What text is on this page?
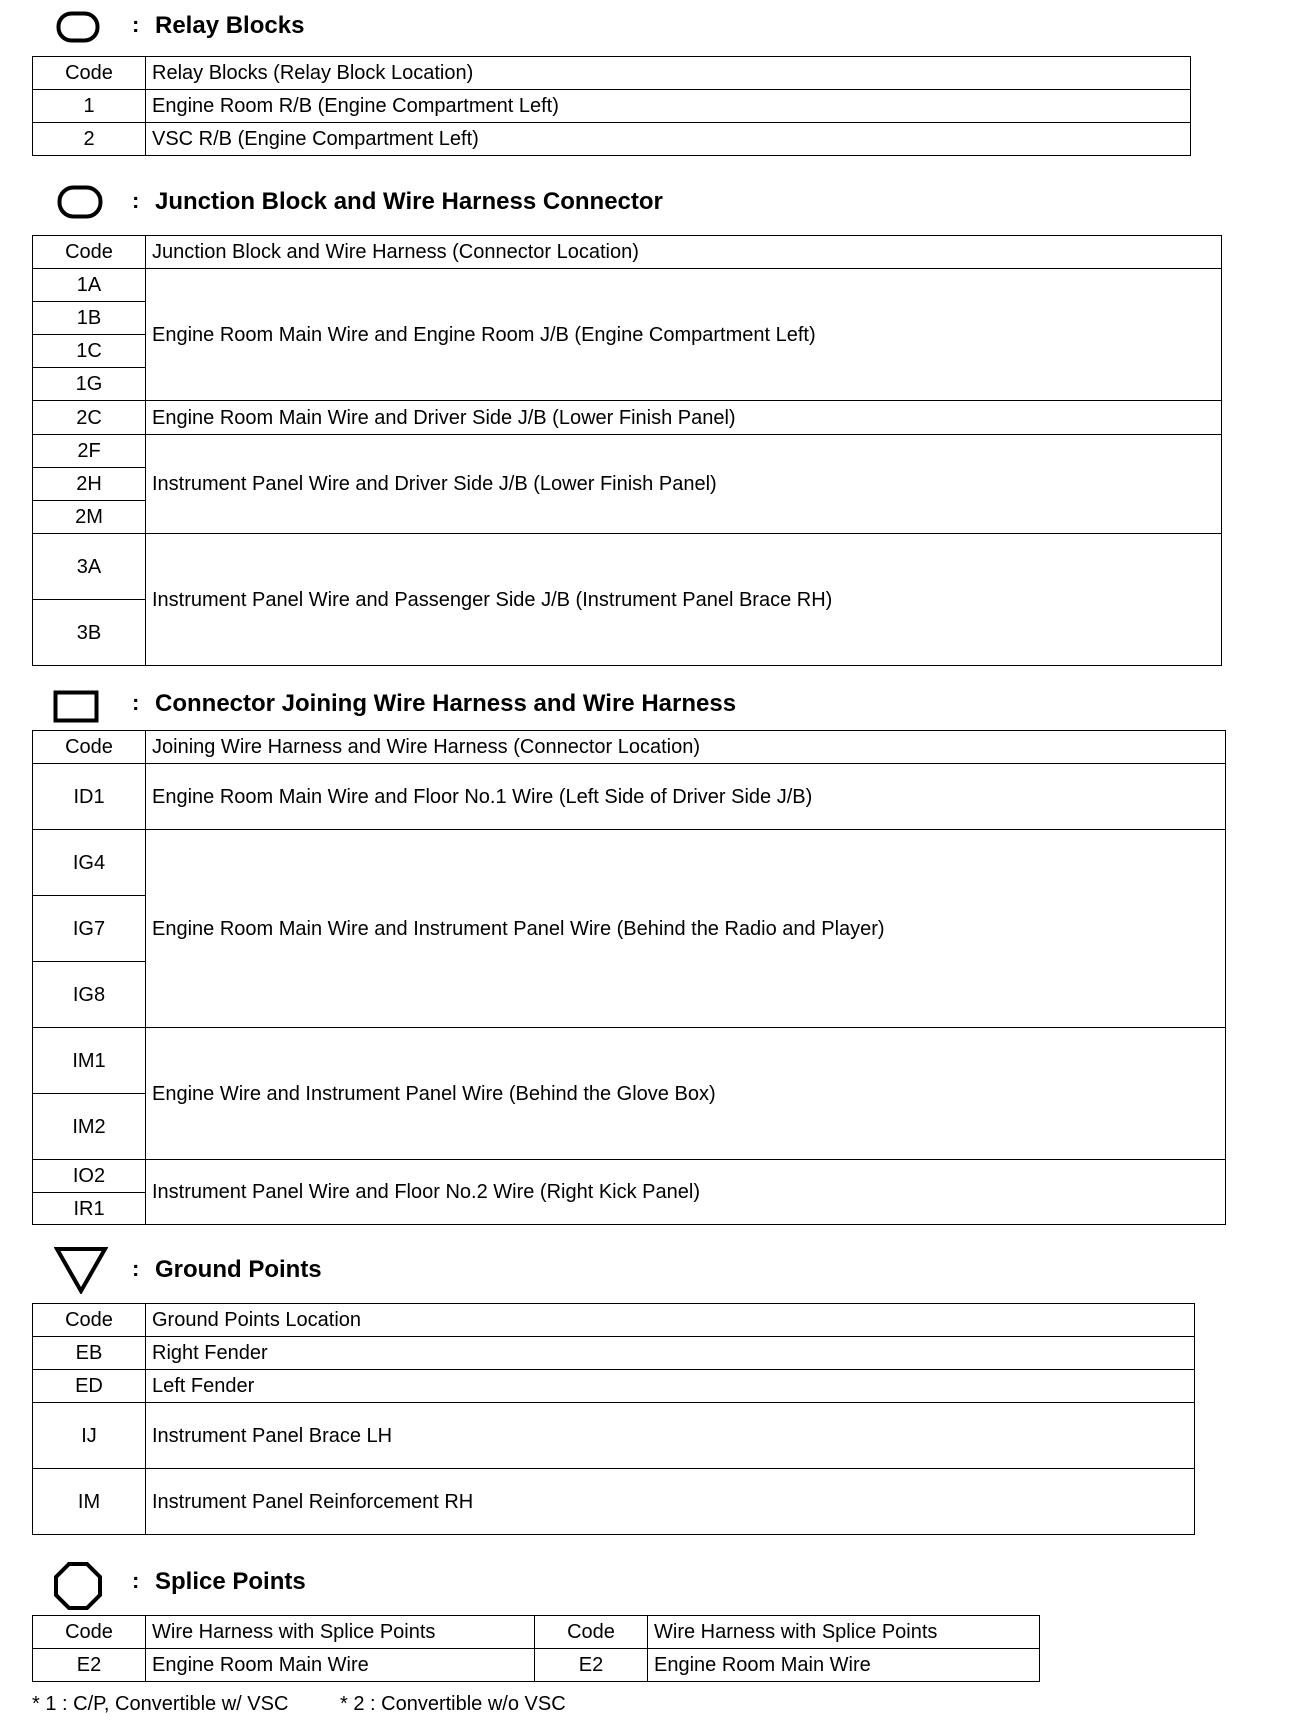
: Relay Blocks
Code	Relay Blocks (Relay Block Location)
1	Engine Room R/B (Engine Compartment Left)
2	VSC R/B (Engine Compartment Left)
: Junction Block and Wire Harness Connector
Code	Junction Block and Wire Harness (Connector Location)
1A	Engine Room Main Wire and Engine Room J/B (Engine Compartment Left)
1B	
1C	
1G	
2C	Engine Room Main Wire and Driver Side J/B (Lower Finish Panel)
2F	Instrument Panel Wire and Driver Side J/B (Lower Finish Panel)
2H	
2M	
3A	Instrument Panel Wire and Passenger Side J/B (Instrument Panel Brace RH)
3B	
: Connector Joining Wire Harness and Wire Harness
Code	Joining Wire Harness and Wire Harness (Connector Location)
ID1	Engine Room Main Wire and Floor No.1 Wire (Left Side of Driver Side J/B)
IG4	Engine Room Main Wire and Instrument Panel Wire (Behind the Radio and Player)
IG7	
IG8	
IM1	Engine Wire and Instrument Panel Wire (Behind the Glove Box)
IM2	
IO2	Instrument Panel Wire and Floor No.2 Wire (Right Kick Panel)
IR1	
: Ground Points
Code	Ground Points Location
EB	Right Fender
ED	Left Fender
IJ	Instrument Panel Brace LH
IM	Instrument Panel Reinforcement RH
: Splice Points
Code	Wire Harness with Splice Points	Code	Wire Harness with Splice Points
E2	Engine Room Main Wire	E2	Engine Room Main Wire
* 1 : C/P, Convertible w/ VSC	* 2 : Convertible w/o VSC
